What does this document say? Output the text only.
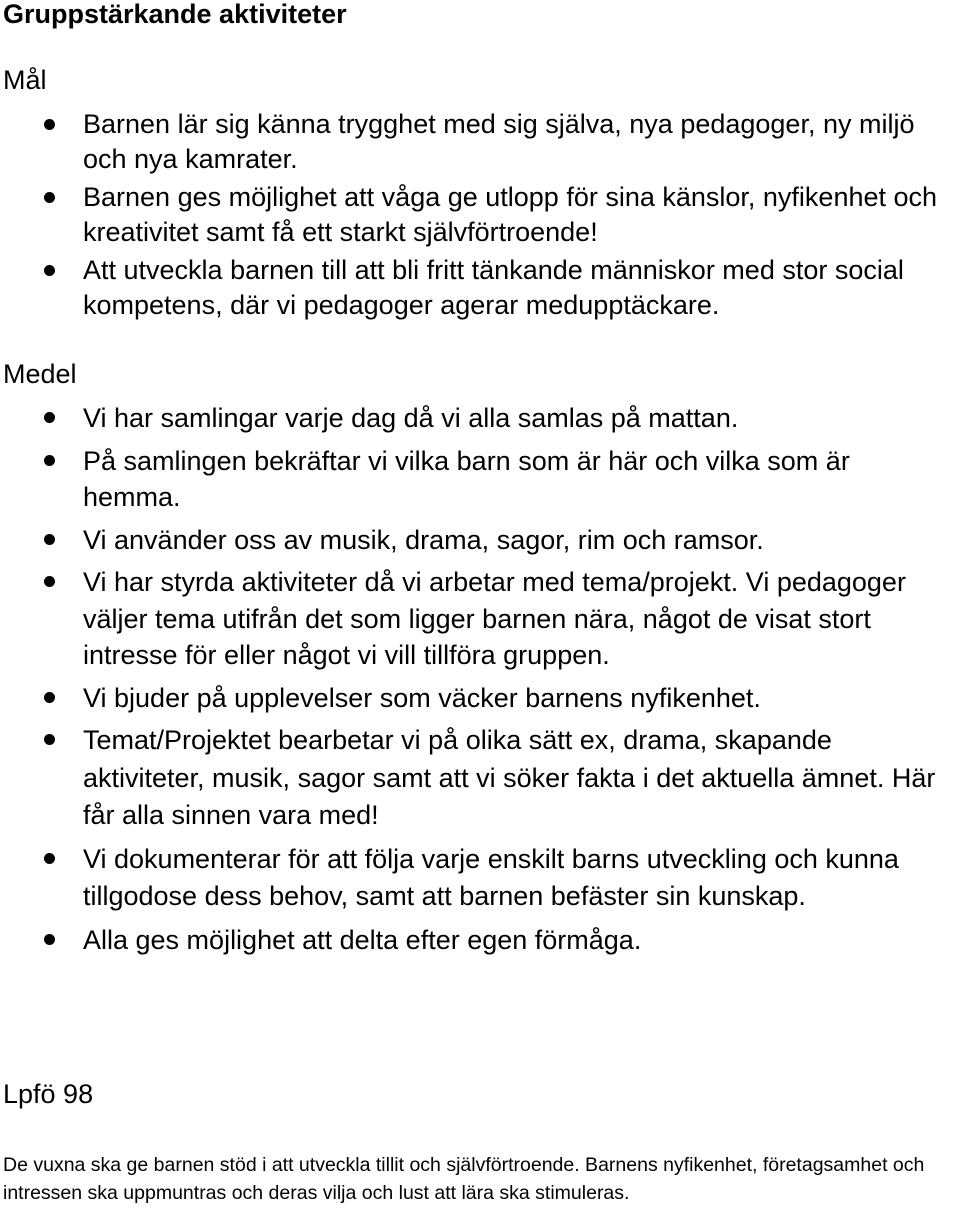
Gruppstärkande aktiviteter
Mål
Barnen lär sig känna trygghet med sig själva, nya pedagoger, ny miljö och nya kamrater.
Barnen ges möjlighet att våga ge utlopp för sina känslor, nyfikenhet och kreativitet samt få ett starkt självförtroende!
Att utveckla barnen till att bli fritt tänkande människor med stor social kompetens, där vi pedagoger agerar medupptäckare.
Medel
Vi har samlingar varje dag då vi alla samlas på mattan.
På samlingen bekräftar vi vilka barn som är här och vilka som är hemma.
Vi använder oss av musik, drama, sagor, rim och ramsor.
Vi har styrda aktiviteter då vi arbetar med tema/projekt. Vi pedagoger väljer tema utifrån det som ligger barnen nära, något de visat stort intresse för eller något vi vill tillföra gruppen.
Vi bjuder på upplevelser som väcker barnens nyfikenhet.
Temat/Projektet bearbetar vi på olika sätt ex, drama, skapande aktiviteter, musik, sagor samt att vi söker fakta i det aktuella ämnet. Här får alla sinnen vara med!
Vi dokumenterar för att följa varje enskilt barns utveckling och kunna tillgodose dess behov, samt att barnen befäster sin kunskap.
Alla ges möjlighet att delta efter egen förmåga.
Lpfö 98

De vuxna ska ge barnen stöd i att utveckla tillit och självförtroende. Barnens nyfikenhet, företagsamhet och intressen ska uppmuntras och deras vilja och lust att lära ska stimuleras.
